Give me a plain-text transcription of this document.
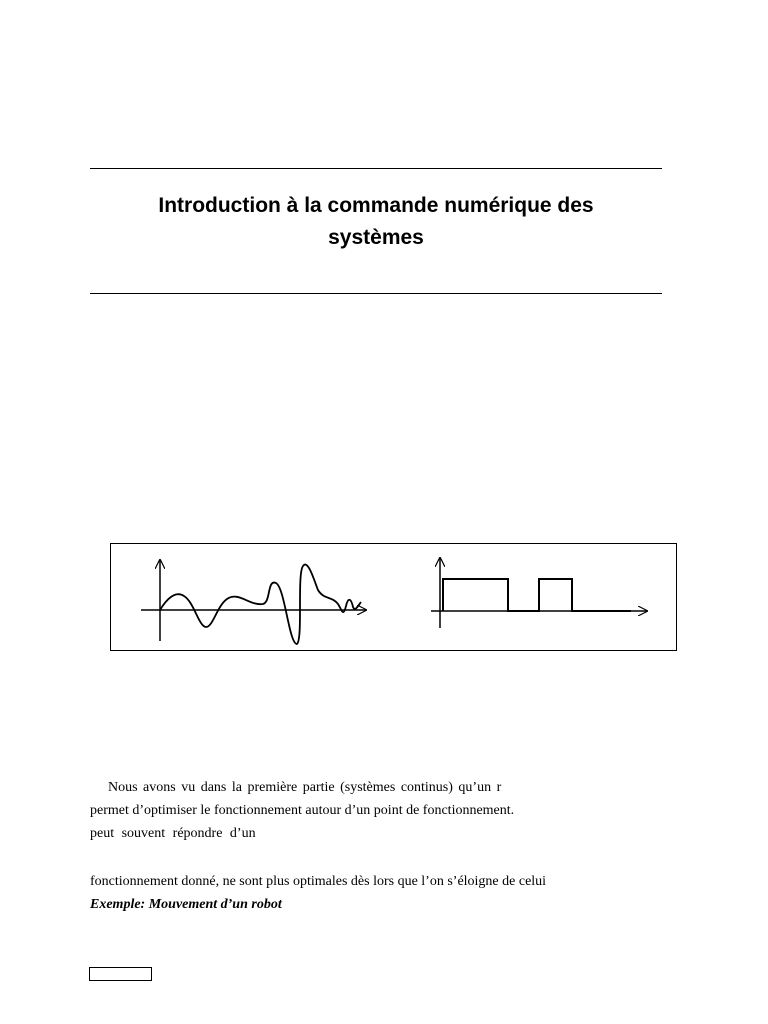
Introduction à la commande numérique des
systèmes
Nous avons vu dans la première partie (systèmes continus) qu’un r
permet d’optimiser le fonctionnement autour d’un point de fonctionnement.
peut souvent répondre d’un
fonctionnement donné, ne sont plus optimales dès lors que l’on s’éloigne de celui
Exemple: Mouvement d’un robot
